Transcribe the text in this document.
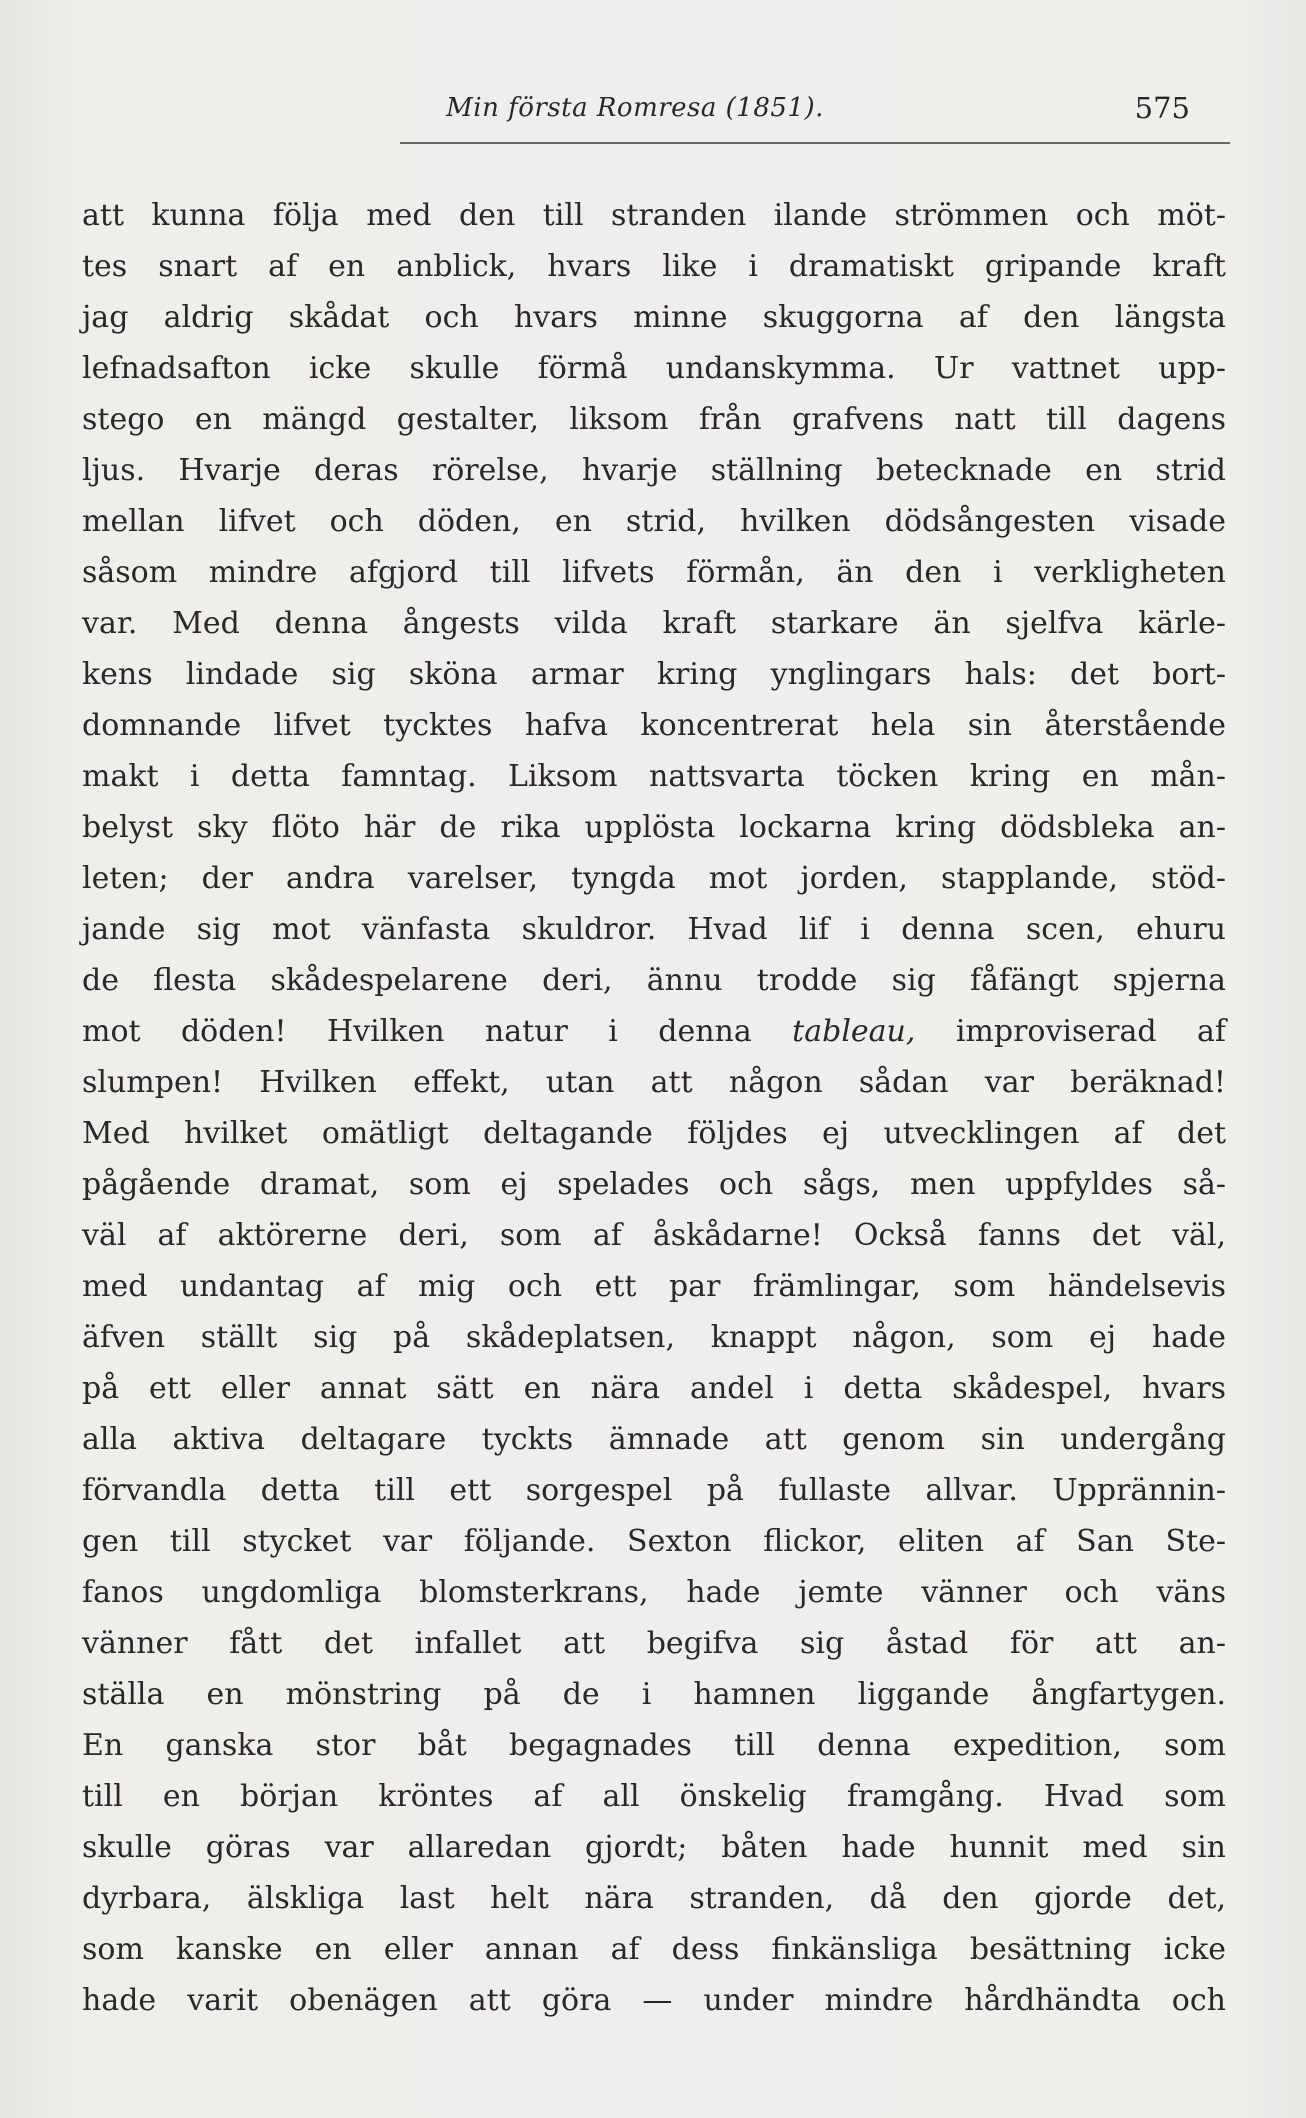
Min första Romresa (1851).	575
att kunna följa med den till stranden ilande strömmen och möt-
tes snart af en anblick, hvars like i dramatiskt gripande kraft
jag aldrig skådat och hvars minne skuggorna af den längsta
lefnadsafton icke skulle förmå undanskymma. Ur vattnet upp-
stego en mängd gestalter, liksom från grafvens natt till dagens
ljus. Hvarje deras rörelse, hvarje ställning betecknade en strid
mellan lifvet och döden, en strid, hvilken dödsångesten visade
såsom mindre afgjord till lifvets förmån, än den i verkligheten
var. Med denna ångests vilda kraft starkare än sjelfva kärle-
kens lindade sig sköna armar kring ynglingars hals: det bort-
domnande lifvet tycktes hafva koncentrerat hela sin återstående
makt i detta famntag. Liksom nattsvarta töcken kring en mån-
belyst sky flöto här de rika upplösta lockarna kring dödsbleka an-
leten; der andra varelser, tyngda mot jorden, stapplande, stöd-
jande sig mot vänfasta skuldror. Hvad lif i denna scen, ehuru
de flesta skådespelarene deri, ännu trodde sig fåfängt spjerna
mot döden! Hvilken natur i denna tableau, improviserad af
slumpen! Hvilken effekt, utan att någon sådan var beräknad!
Med hvilket omätligt deltagande följdes ej utvecklingen af det
pågående dramat, som ej spelades och sågs, men uppfyldes så-
väl af aktörerne deri, som af åskådarne! Också fanns det väl,
med undantag af mig och ett par främlingar, som händelsevis
äfven ställt sig på skådeplatsen, knappt någon, som ej hade
på ett eller annat sätt en nära andel i detta skådespel, hvars
alla aktiva deltagare tyckts ämnade att genom sin undergång
förvandla detta till ett sorgespel på fullaste allvar. Upprännin-
gen till stycket var följande. Sexton flickor, eliten af San Ste-
fanos ungdomliga blomsterkrans, hade jemte vänner och väns
vänner fått det infallet att begifva sig åstad för att an-
ställa en mönstring på de i hamnen liggande ångfartygen.
En ganska stor båt begagnades till denna expedition, som
till en början kröntes af all önskelig framgång. Hvad som
skulle göras var allaredan gjordt; båten hade hunnit med sin
dyrbara, älskliga last helt nära stranden, då den gjorde det,
som kanske en eller annan af dess finkänsliga besättning icke
hade varit obenägen att göra — under mindre hårdhändta och
